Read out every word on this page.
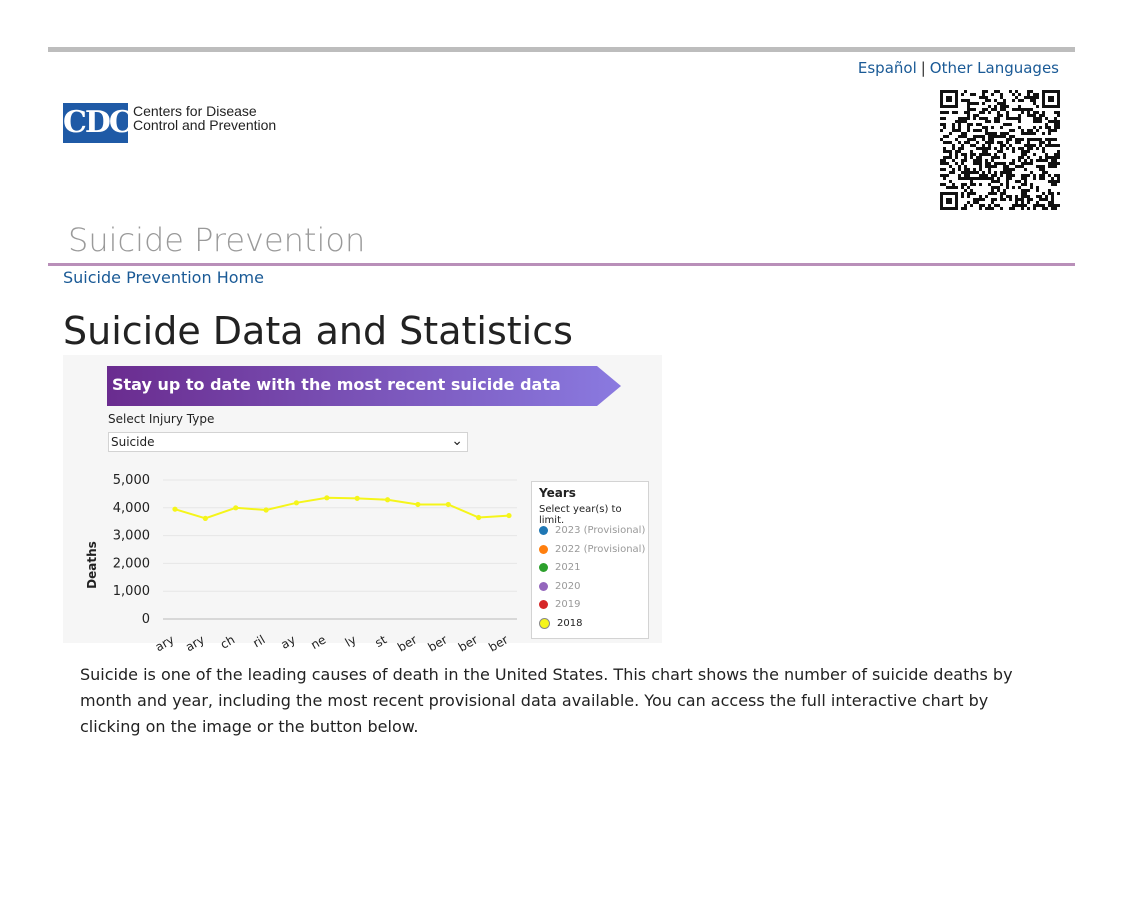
Español | Other Languages
CDC Centers for Disease
Control and Prevention
Suicide Prevention
Suicide Prevention Home
Suicide Data and Statistics
Stay up to date with the most recent suicide data
Select Injury Type
Suicide	⌄
0
1,000
2,000
3,000
4,000
5,000
ary ary ch ril ay ne ly st ber ber ber ber
Deaths
Years
Select year(s) to limit.
2023 (Provisional)
2022 (Provisional)
2021
2020
2019
2018
Suicide is one of the leading causes of death in the United States. This chart shows the number of suicide deaths by month and year, including the most recent provisional data available. You can access the full interactive chart by clicking on the image or the button below.
